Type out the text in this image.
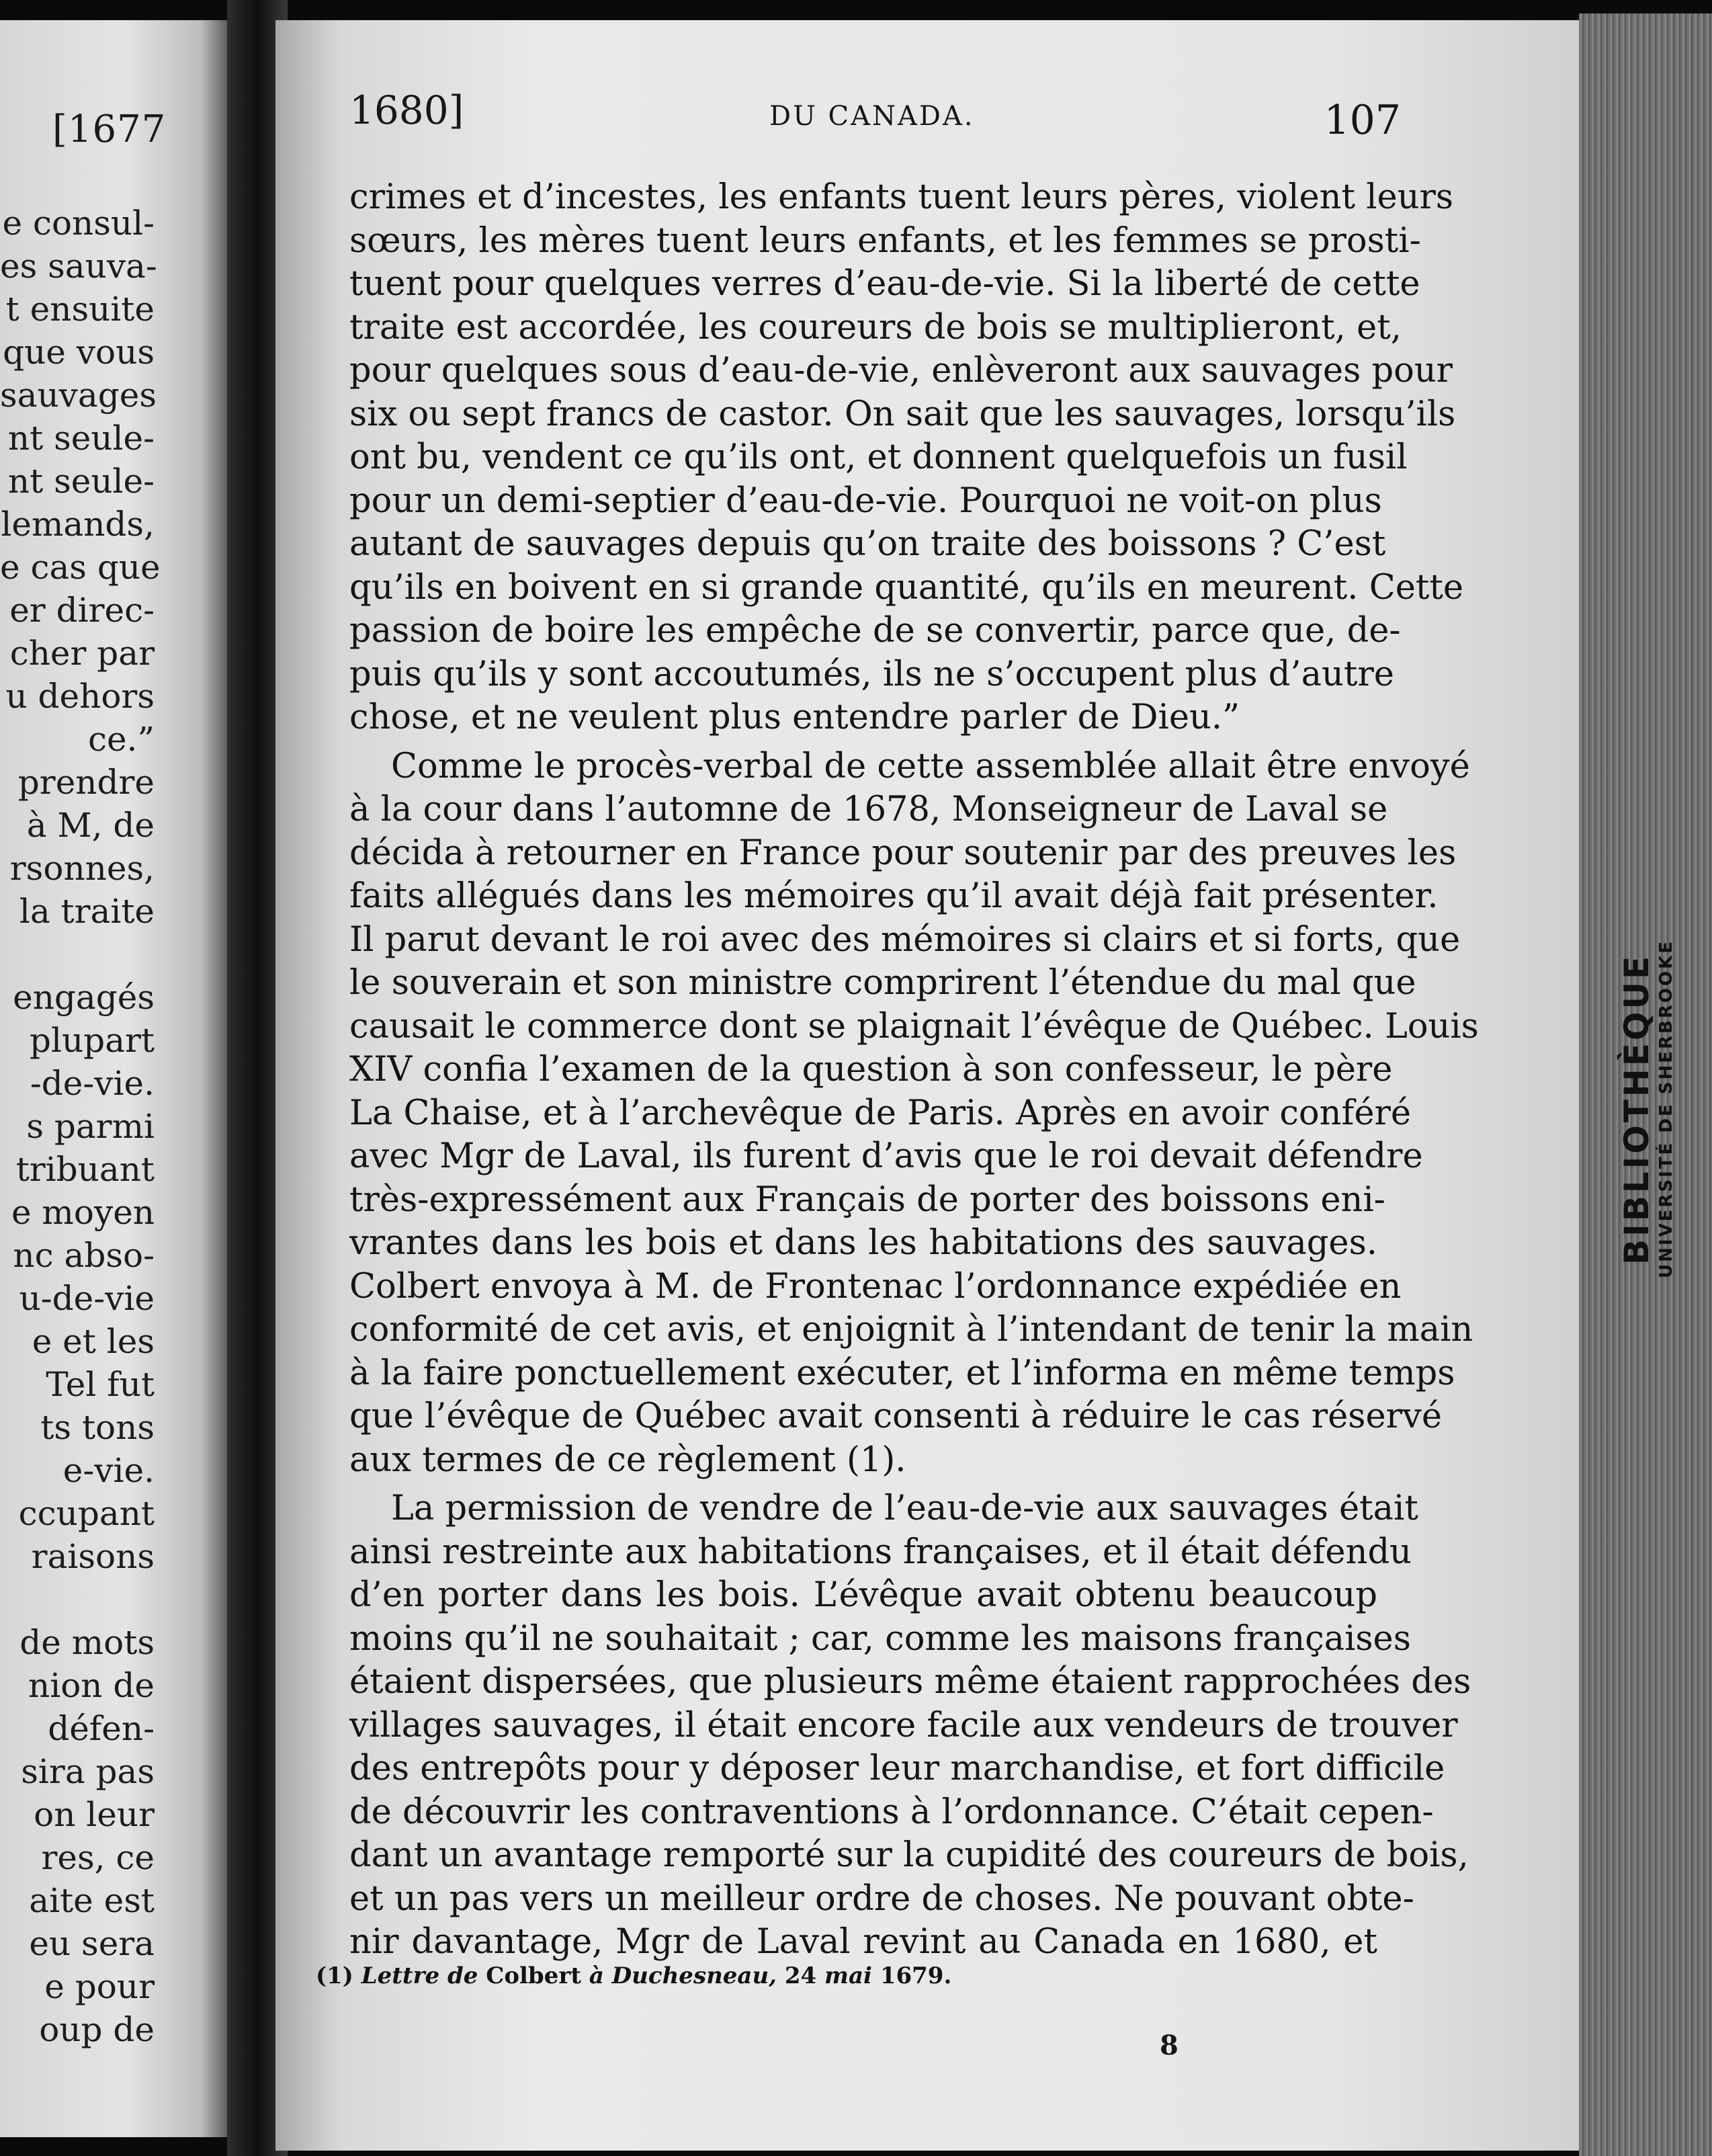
[1677
e consul-
es sauva-
t ensuite
que vous
sauvages
nt seule-
nt seule-
lemands,
e cas que
er direc-
cher par
u dehors
ce.”
prendre
à M, de
rsonnes,
la traite
engagés
plupart
-de-vie.
s parmi
tribuant
e moyen
nc abso-
u-de-vie
e et les
Tel fut
ts tons
e-vie.
ccupant
raisons
de mots
nion de
défen-
sira pas
on leur
res, ce
aite est
eu sera
e pour
oup de
BIBLIOTHÈQUE UNIVERSITÉ DE SHERBROOKE
1680]	DU CANADA.	107
crimes et d’incestes, les enfants tuent leurs pères, violent leurs
sœurs, les mères tuent leurs enfants, et les femmes se prosti-
tuent pour quelques verres d’eau-de-vie. Si la liberté de cette
traite est accordée, les coureurs de bois se multiplieront, et,
pour quelques sous d’eau-de-vie, enlèveront aux sauvages pour
six ou sept francs de castor. On sait que les sauvages, lorsqu’ils
ont bu, vendent ce qu’ils ont, et donnent quelquefois un fusil
pour un demi-septier d’eau-de-vie. Pourquoi ne voit-on plus
autant de sauvages depuis qu’on traite des boissons ? C’est
qu’ils en boivent en si grande quantité, qu’ils en meurent. Cette
passion de boire les empêche de se convertir, parce que, de-
puis qu’ils y sont accoutumés, ils ne s’occupent plus d’autre
chose, et ne veulent plus entendre parler de Dieu.”
Comme le procès-verbal de cette assemblée allait être envoyé
à la cour dans l’automne de 1678, Monseigneur de Laval se
décida à retourner en France pour soutenir par des preuves les
faits allégués dans les mémoires qu’il avait déjà fait présenter.
Il parut devant le roi avec des mémoires si clairs et si forts, que
le souverain et son ministre comprirent l’étendue du mal que
causait le commerce dont se plaignait l’évêque de Québec. Louis
XIV confia l’examen de la question à son confesseur, le père
La Chaise, et à l’archevêque de Paris. Après en avoir conféré
avec Mgr de Laval, ils furent d’avis que le roi devait défendre
très-expressément aux Français de porter des boissons eni-
vrantes dans les bois et dans les habitations des sauvages.
Colbert envoya à M. de Frontenac l’ordonnance expédiée en
conformité de cet avis, et enjoignit à l’intendant de tenir la main
à la faire ponctuellement exécuter, et l’informa en même temps
que l’évêque de Québec avait consenti à réduire le cas réservé
aux termes de ce règlement (1).
La permission de vendre de l’eau-de-vie aux sauvages était
ainsi restreinte aux habitations françaises, et il était défendu
d’en porter dans les bois. L’évêque avait obtenu beaucoup
moins qu’il ne souhaitait ; car, comme les maisons françaises
étaient dispersées, que plusieurs même étaient rapprochées des
villages sauvages, il était encore facile aux vendeurs de trouver
des entrepôts pour y déposer leur marchandise, et fort difficile
de découvrir les contraventions à l’ordonnance. C’était cepen-
dant un avantage remporté sur la cupidité des coureurs de bois,
et un pas vers un meilleur ordre de choses. Ne pouvant obte-
nir davantage, Mgr de Laval revint au Canada en 1680, et
(1) Lettre de Colbert à Duchesneau, 24 mai 1679.
8
